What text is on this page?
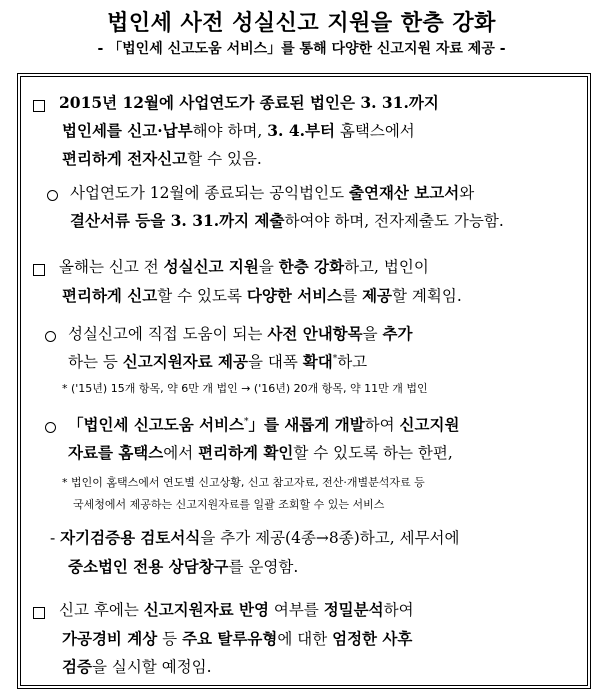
법인세 사전 성실신고 지원을 한층 강화
- 「법인세 신고도움 서비스」를 통해 다양한 신고지원 자료 제공 -
2015년 12월에 사업연도가 종료된 법인은 3. 31.까지
법인세를 신고·납부해야 하며, 3. 4.부터 홈택스에서
편리하게 전자신고할 수 있음.
사업연도가 12월에 종료되는 공익법인도 출연재산 보고서와
결산서류 등을 3. 31.까지 제출하여야 하며, 전자제출도 가능함.
올해는 신고 전 성실신고 지원을 한층 강화하고, 법인이
편리하게 신고할 수 있도록 다양한 서비스를 제공할 계획임.
성실신고에 직접 도움이 되는 사전 안내항목을 추가
하는 등 신고지원자료 제공을 대폭 확대*하고
* ('15년) 15개 항목, 약 6만 개 법인 → ('16년) 20개 항목, 약 11만 개 법인
「법인세 신고도움 서비스*」를 새롭게 개발하여 신고지원
자료를 홈택스에서 편리하게 확인할 수 있도록 하는 한편,
* 법인이 홈택스에서 연도별 신고상황, 신고 참고자료, 전산·개별분석자료 등
국세청에서 제공하는 신고지원자료를 일괄 조회할 수 있는 서비스
- 자기검증용 검토서식을 추가 제공(4종→8종)하고, 세무서에
중소법인 전용 상담창구를 운영함.
신고 후에는 신고지원자료 반영 여부를 정밀분석하여
가공경비 계상 등 주요 탈루유형에 대한 엄정한 사후
검증을 실시할 예정임.
